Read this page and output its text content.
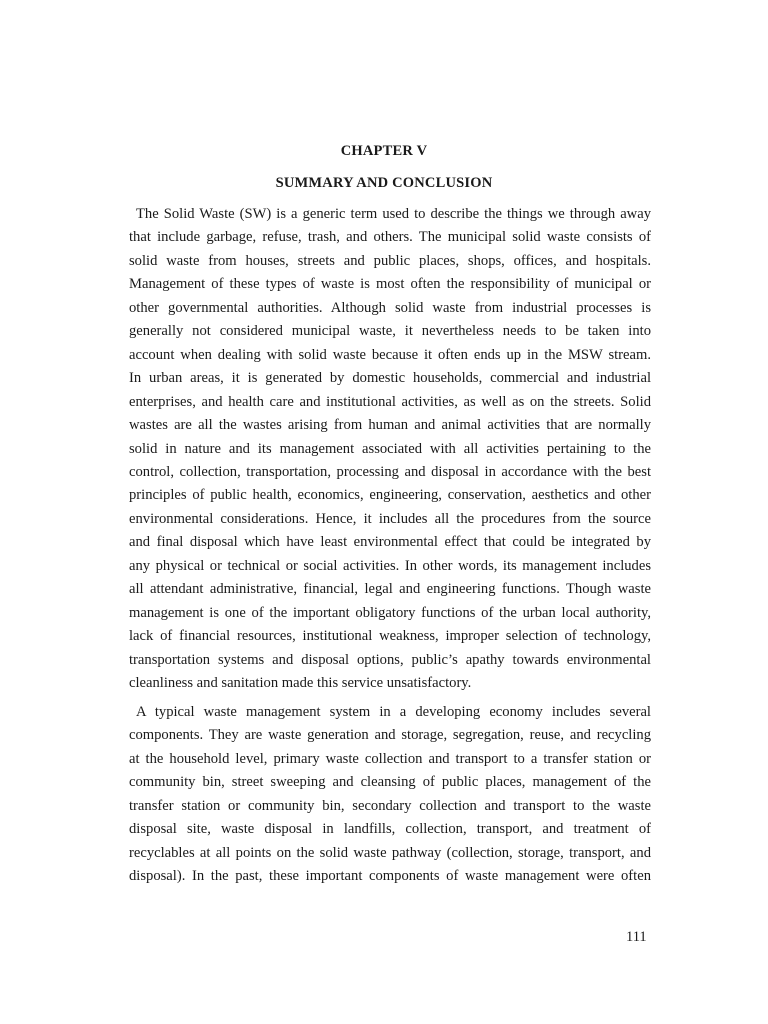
CHAPTER V
SUMMARY AND CONCLUSION
The Solid Waste (SW) is a generic term used to describe the things we through away
that include garbage, refuse, trash, and others. The municipal solid waste consists of
solid waste from houses, streets and public places, shops, offices, and hospitals.
Management of these types of waste is most often the responsibility of municipal or
other governmental authorities. Although solid waste from industrial processes is
generally not considered municipal waste, it nevertheless needs to be taken into
account when dealing with solid waste because it often ends up in the MSW stream.
In urban areas, it is generated by domestic households, commercial and industrial
enterprises, and health care and institutional activities, as well as on the streets. Solid
wastes are all the wastes arising from human and animal activities that are normally
solid in nature and its management associated with all activities pertaining to the
control, collection, transportation, processing and disposal in accordance with the best
principles of public health, economics, engineering, conservation, aesthetics and other
environmental considerations. Hence, it includes all the procedures from the source
and final disposal which have least environmental effect that could be integrated by
any physical or technical or social activities. In other words, its management includes
all attendant administrative, financial, legal and engineering functions. Though waste
management is one of the important obligatory functions of the urban local authority,
lack of financial resources, institutional weakness, improper selection of technology,
transportation systems and disposal options, public’s apathy towards environmental
cleanliness and sanitation made this service unsatisfactory.
A typical waste management system in a developing economy includes several
components. They are waste generation and storage, segregation, reuse, and recycling
at the household level, primary waste collection and transport to a transfer station or
community bin, street sweeping and cleansing of public places, management of the
transfer station or community bin, secondary collection and transport to the waste
disposal site, waste disposal in landfills, collection, transport, and treatment of
recyclables at all points on the solid waste pathway (collection, storage, transport, and
disposal). In the past, these important components of waste management were often
111
